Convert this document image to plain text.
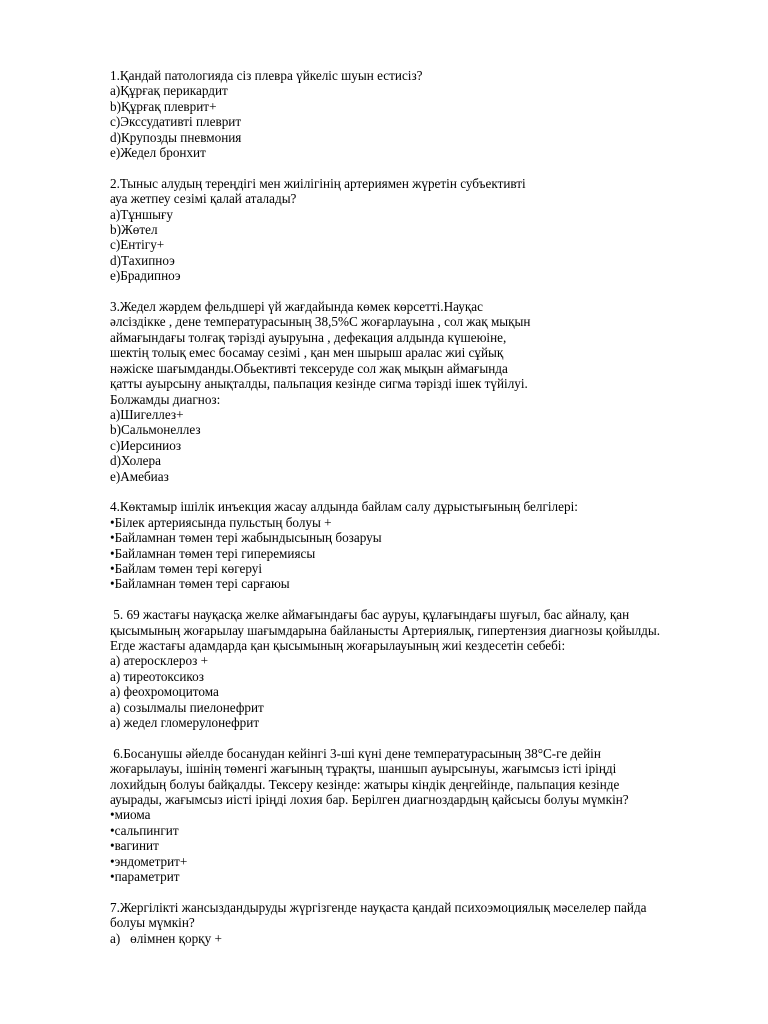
1.Қандай патологияда сіз плевра үйкеліс шуын естисіз?
a)Құрғақ перикардит
b)Құрғақ плеврит+
c)Экссудативті плеврит
d)Крупозды пневмония
e)Жедел бронхит
2.Тыныс алудың тереңдігі мен жиілігінің артериямен жүретін субъективті
ауа жетпеу сезімі қалай аталады?
a)Тұншығу
b)Жөтел
c)Ентігу+
d)Тахипноэ
e)Брадипноэ
3.Жедел жәрдем фельдшері үй жағдайында көмек көрсетті.Науқас
әлсіздікке , дене температурасының 38,5%С жоғарлауына , сол жақ мықын
аймағындағы толғақ тәрізді ауыруына , дефекация алдында күшеюіне,
шектің толық емес босамау сезімі , қан мен шырыш аралас жиі сұйық
нәжіске шағымданды.Обьективті тексеруде сол жақ мықын аймағында
қатты ауырсыну анықталды, пальпация кезінде сигма тәрізді ішек түйілуі.
Болжамды диагноз:
a)Шигеллез+
b)Сальмонеллез
c)Иерсиниоз
d)Холера
e)Амебиаз
4.Көктамыр ішілік инъекция жасау алдында байлам салу дұрыстығының белгілері:
•Білек артериясында пульстың болуы +
•Байламнан төмен тері жабындысының бозаруы
•Байламнан төмен тері гиперемиясы
•Байлам төмен тері көгеруі
•Байламнан төмен тері сарғаюы
5. 69 жастағы науқасқа желке аймағындағы бас ауруы, құлағындағы шуғыл, бас айналу, қан
қысымының жоғарылау шағымдарына байланысты Артериялық, гипертензия диагнозы қойылды.
Егде жастағы адамдарда қан қысымының жоғарылауының жиі кездесетін себебі:
а) атеросклероз +
а) тиреотоксикоз
а) феохромоцитома
а) созылмалы пиелонефрит
а) жедел гломерулонефрит
6.Босанушы әйелде босанудан кейінгі 3-ші күні дене температурасының 38°С-ге дейін
жоғарылауы, ішінің төменгі жағының тұрақты, шаншып ауырсынуы, жағымсыз істі іріңді
лохийдың болуы байқалды. Тексеру кезінде: жатыры кіндік деңгейінде, пальпация кезінде
ауырады, жағымсыз иісті іріңді лохия бар. Берілген диагноздардың қайсысы болуы мүмкін?
•миома
•сальпингит
•вагинит
•эндометрит+
•параметрит
7.Жергілікті жансыздандыруды жүргізгенде науқаста қандай психоэмоциялық мәселелер пайда
болуы мүмкін?
а)   өлімнен қорқу +
